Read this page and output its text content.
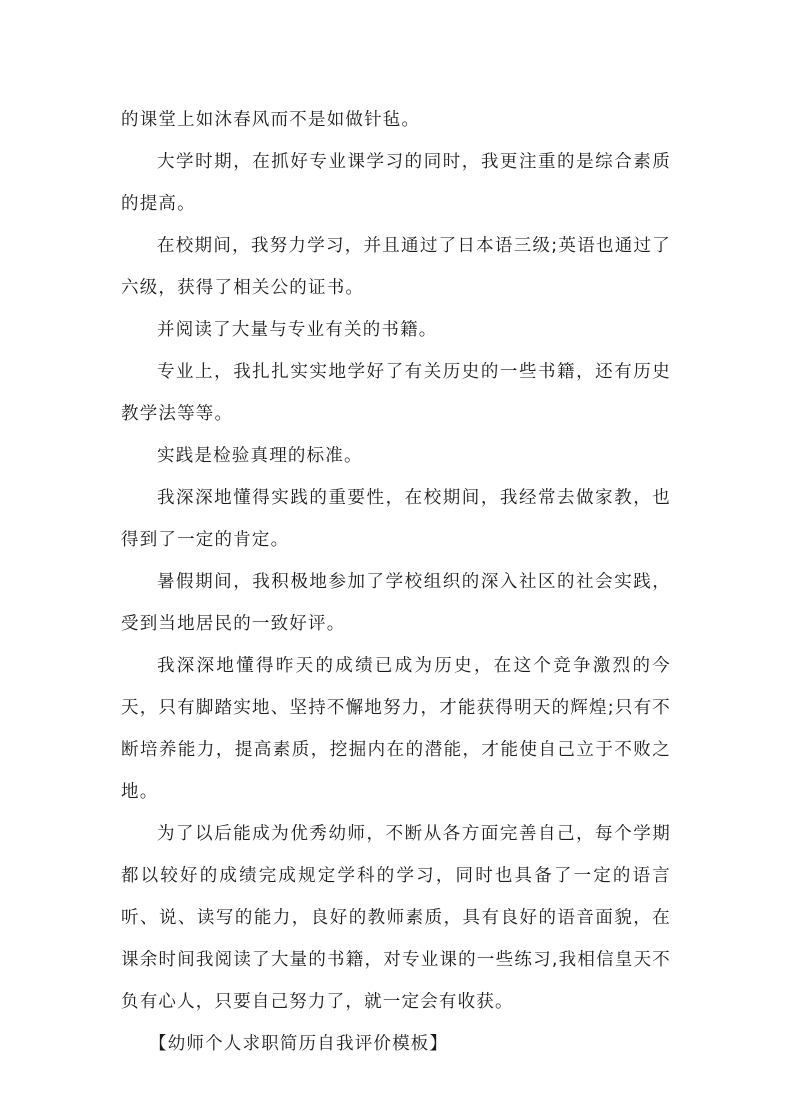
的课堂上如沐春风而不是如做针毡。

大学时期，在抓好专业课学习的同时，我更注重的是综合素质的提高。

在校期间，我努力学习，并且通过了日本语三级;英语也通过了六级，获得了相关公的证书。

并阅读了大量与专业有关的书籍。

专业上，我扎扎实实地学好了有关历史的一些书籍，还有历史教学法等等。

实践是检验真理的标准。

我深深地懂得实践的重要性，在校期间，我经常去做家教，也得到了一定的肯定。

暑假期间，我积极地参加了学校组织的深入社区的社会实践，受到当地居民的一致好评。

我深深地懂得昨天的成绩已成为历史，在这个竞争激烈的今天，只有脚踏实地、坚持不懈地努力，才能获得明天的辉煌;只有不断培养能力，提高素质，挖掘内在的潜能，才能使自己立于不败之地。

为了以后能成为优秀幼师，不断从各方面完善自己，每个学期都以较好的成绩完成规定学科的学习，同时也具备了一定的语言听、说、读写的能力，良好的教师素质，具有良好的语音面貌，在课余时间我阅读了大量的书籍，对专业课的一些练习,我相信皇天不负有心人，只要自己努力了，就一定会有收获。

【幼师个人求职简历自我评价模板】
